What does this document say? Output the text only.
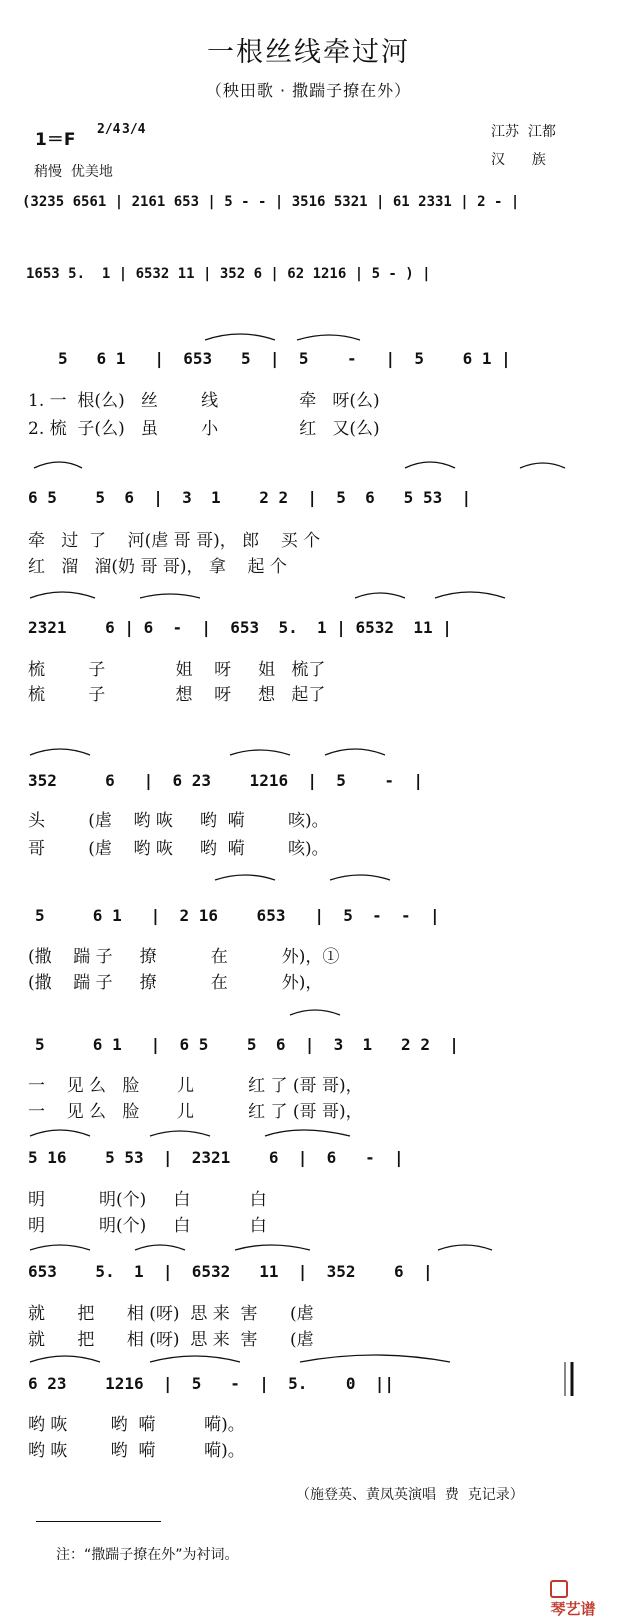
一根丝线牵过河
（秧田歌 · 撒踹子撩在外）
1＝F
2/4 3/4
稍慢  优美地
江苏  江都
汉      族
(3235 6561 | 2161 653 | 5 - - | 3516 5321 | 61 2331 | 2 - |
1653 5.  1 | 6532 11 | 352 6 | 62 1216 | 5 - ) |
5   6 1   |  653   5  |  5    -   |  5    6 1 |
1. 一  根(么)   丝        线               牵   呀(么)
2. 梳  子(么)   虽        小               红   又(么)
6 5    5  6  |  3  1    2 2  |  5  6   5 53  |
牵   过  了    河(虐 哥 哥)， 郎    买 个
红   溜   溜(奶 哥 哥)， 拿    起 个
2321    6 | 6  -  |  653  5.  1 | 6532  11 |
梳        子             姐    呀     姐   梳了
梳        子             想    呀     想   起了
352     6   |  6 23    1216  |  5    -  |
头        (虐    哟 咴     哟  嗬        咳)。
哥        (虐    哟 咴     哟  嗬        咳)。
5     6 1   |  2 16    653   |  5  -  -  |
(撒    踹 子     撩          在          外)，①
(撒    踹 子     撩          在          外)，
5     6 1   |  6 5    5  6  |  3  1   2 2  |
一    见 么   脸       儿          红 了 (哥 哥)，
一    见 么   脸       儿          红 了 (哥 哥)，
5 16    5 53  |  2321    6  |  6   -  |
明          明(个)     白           白
明          明(个)     白           白
653    5.  1  |  6532   11  |  352    6  |
就      把      相 (呀)  思 来  害      (虐
就      把      相 (呀)  思 来  害      (虐
6 23    1216  |  5   -  |  5.    0  ||
哟 咴        哟  嗬         嗬)。
哟 咴        哟  嗬         嗬)。
（施登英、黄凤英演唱  费  克记录）
注：“撒踹子撩在外”为衬词。

琴艺谱
